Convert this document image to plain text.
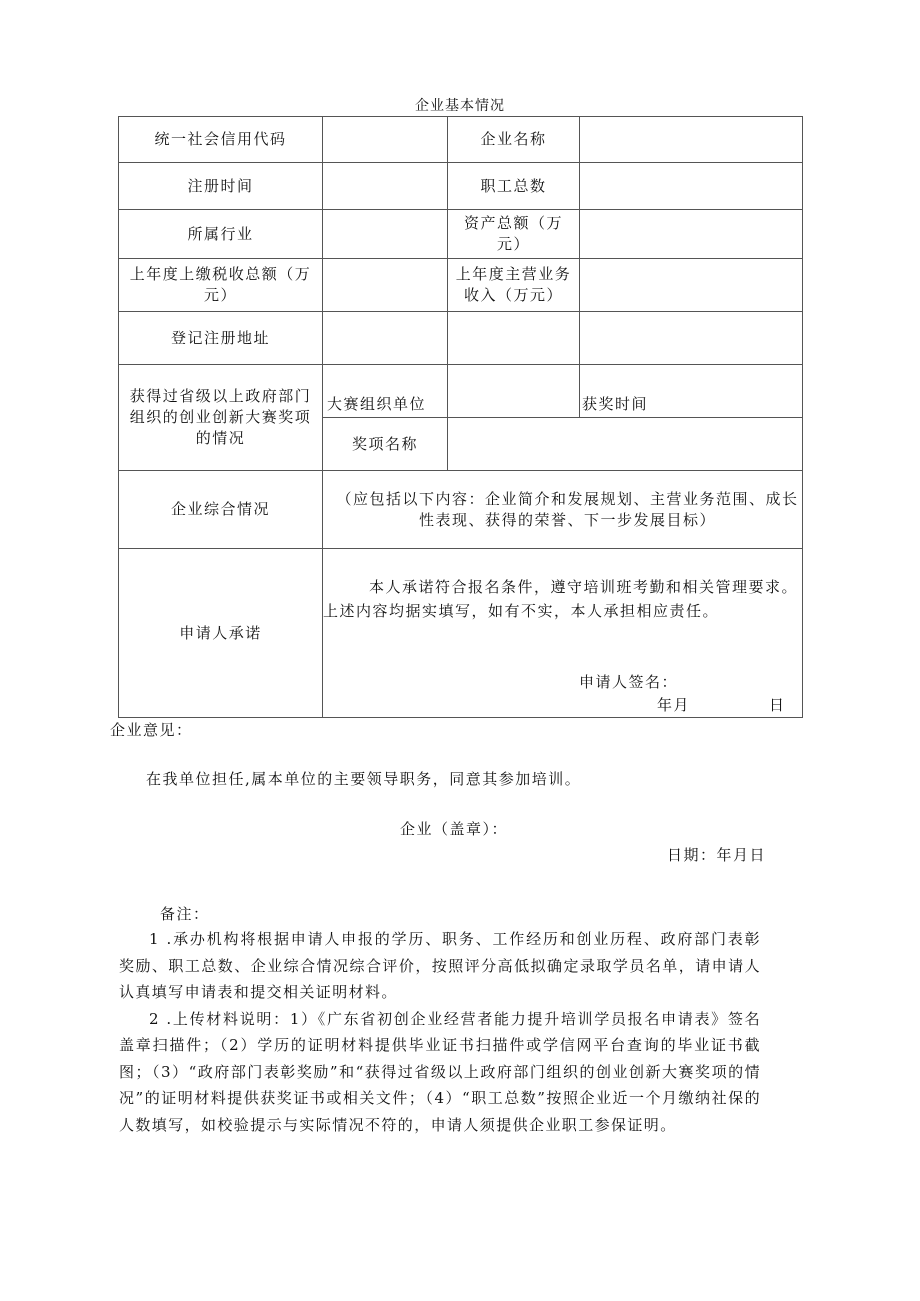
企业基本情况
统一社会信用代码		企业名称	
注册时间		职工总数	
所属行业		资产总额（万元）	
上年度上缴税收总额（万元）		上年度主营业务收入（万元）	
登记注册地址			
获得过省级以上政府部门组织的创业创新大赛奖项的情况	大赛组织单位		获奖时间
	奖项名称		
企业综合情况	（应包括以下内容：企业简介和发展规划、主营业务范围、成长性表现、获得的荣誉、下一步发展目标）		
申请人承诺	本人承诺符合报名条件，遵守培训班考勤和相关管理要求。
上述内容均据实填写，如有不实，本人承担相应责任。
申请人签名：
年月 日		
企业意见：
在我单位担任,属本单位的主要领导职务，同意其参加培训。
企业（盖章）：
日期：年月日
备注：

1 .承办机构将根据申请人申报的学历、职务、工作经历和创业历程、政府部门表彰奖励、职工总数、企业综合情况综合评价，按照评分高低拟确定录取学员名单，请申请人认真填写申请表和提交相关证明材料。

2 .上传材料说明：1）《广东省初创企业经营者能力提升培训学员报名申请表》签名盖章扫描件；（2）学历的证明材料提供毕业证书扫描件或学信网平台查询的毕业证书截图；（3）“政府部门表彰奖励”和“获得过省级以上政府部门组织的创业创新大赛奖项的情况”的证明材料提供获奖证书或相关文件；（4）“职工总数”按照企业近一个月缴纳社保的人数填写，如校验提示与实际情况不符的，申请人须提供企业职工参保证明。
